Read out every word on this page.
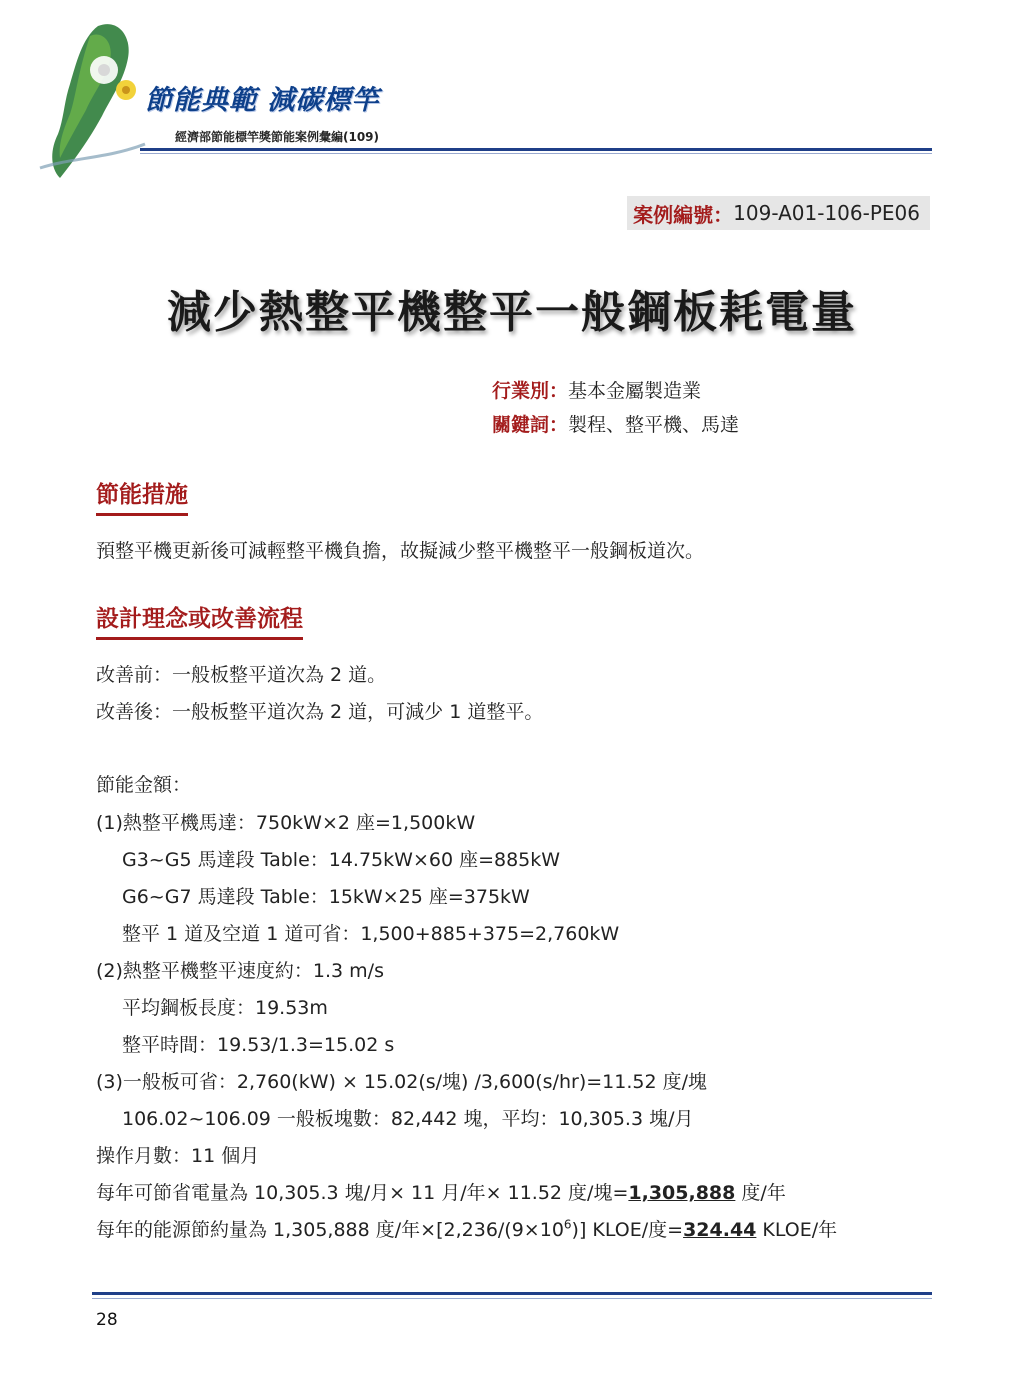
節能典範 減碳標竿
經濟部節能標竿獎節能案例彙編(109)
案例編號： 109-A01-106-PE06
減少熱整平機整平一般鋼板耗電量
行業別：基本金屬製造業
關鍵詞：製程、整平機、馬達
節能措施
預整平機更新後可減輕整平機負擔，故擬減少整平機整平一般鋼板道次。
設計理念或改善流程
改善前：一般板整平道次為 2 道。
改善後：一般板整平道次為 2 道，可減少 1 道整平。
節能金額：
(1)熱整平機馬達：750kW×2 座=1,500kW
G3~G5 馬達段 Table：14.75kW×60 座=885kW
G6~G7 馬達段 Table：15kW×25 座=375kW
整平 1 道及空道 1 道可省：1,500+885+375=2,760kW
(2)熱整平機整平速度約：1.3 m/s
平均鋼板長度：19.53m
整平時間：19.53/1.3=15.02 s
(3)一般板可省：2,760(kW) × 15.02(s/塊) /3,600(s/hr)=11.52 度/塊
106.02~106.09 一般板塊數：82,442 塊，平均：10,305.3 塊/月
操作月數：11 個月
每年可節省電量為 10,305.3 塊/月× 11 月/年× 11.52 度/塊=1,305,888 度/年
每年的能源節約量為 1,305,888 度/年$\times[2,236/(9\times 10^6)]$ KLOE/度=324.44 KLOE/年
28
